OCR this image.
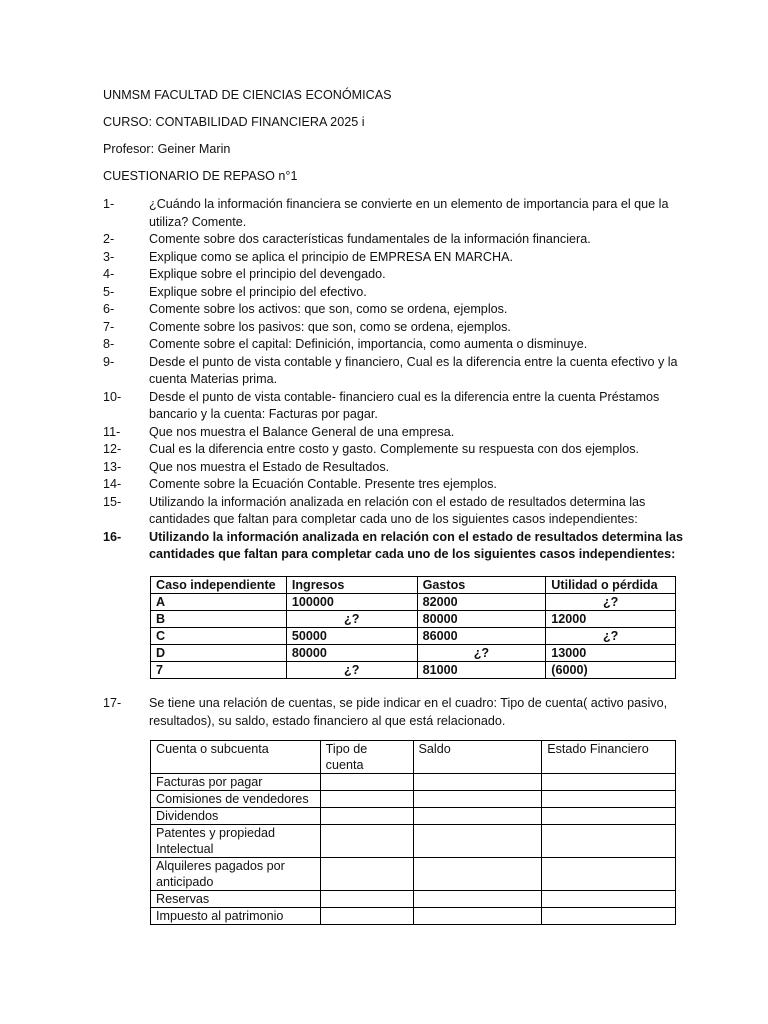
UNMSM FACULTAD DE CIENCIAS ECONÓMICAS
CURSO: CONTABILIDAD FINANCIERA 2025 i
Profesor: Geiner Marin
CUESTIONARIO DE REPASO n°1
1-	¿Cuándo la información financiera se convierte en un elemento de importancia para el que la utiliza? Comente.
2-	Comente sobre dos características fundamentales de la información financiera.
3-	Explique como se aplica el principio de EMPRESA EN MARCHA.
4-	Explique sobre el principio del devengado.
5-	Explique sobre el principio del efectivo.
6-	Comente sobre los activos: que son, como se ordena, ejemplos.
7-	Comente sobre los pasivos: que son, como se ordena, ejemplos.
8-	Comente sobre el capital: Definición, importancia, como aumenta o disminuye.
9-	Desde el punto de vista contable y financiero, Cual es la diferencia entre la cuenta efectivo y la cuenta Materias prima.
10-	Desde el punto de vista contable- financiero cual es la diferencia entre la cuenta Préstamos bancario y la cuenta: Facturas por pagar.
11-	Que nos muestra el Balance General de una empresa.
12-	Cual es la diferencia entre costo y gasto. Complemente su respuesta con dos ejemplos.
13-	Que nos muestra el Estado de Resultados.
14-	Comente sobre la Ecuación Contable. Presente tres ejemplos.
15-	Utilizando la información analizada en relación con el estado de resultados determina las cantidades que faltan para completar cada uno de los siguientes casos independientes:
16-	Utilizando la información analizada en relación con el estado de resultados determina las cantidades que faltan para completar cada uno de los siguientes casos independientes:
Caso independiente	Ingresos	Gastos	Utilidad o pérdida
A	100000	82000	¿?
B	¿?	80000	12000
C	50000	86000	¿?
D	80000	¿?	13000
7	¿?	81000	(6000)
17-	Se tiene una relación de cuentas, se pide indicar en el cuadro: Tipo de cuenta( activo pasivo, resultados), su saldo, estado financiero al que está relacionado.
Cuenta o subcuenta	Tipo de cuenta	Saldo	Estado Financiero
Facturas por pagar			
Comisiones de vendedores			
Dividendos			
Patentes y propiedad Intelectual			
Alquileres pagados por anticipado			
Reservas			
Impuesto al patrimonio			
